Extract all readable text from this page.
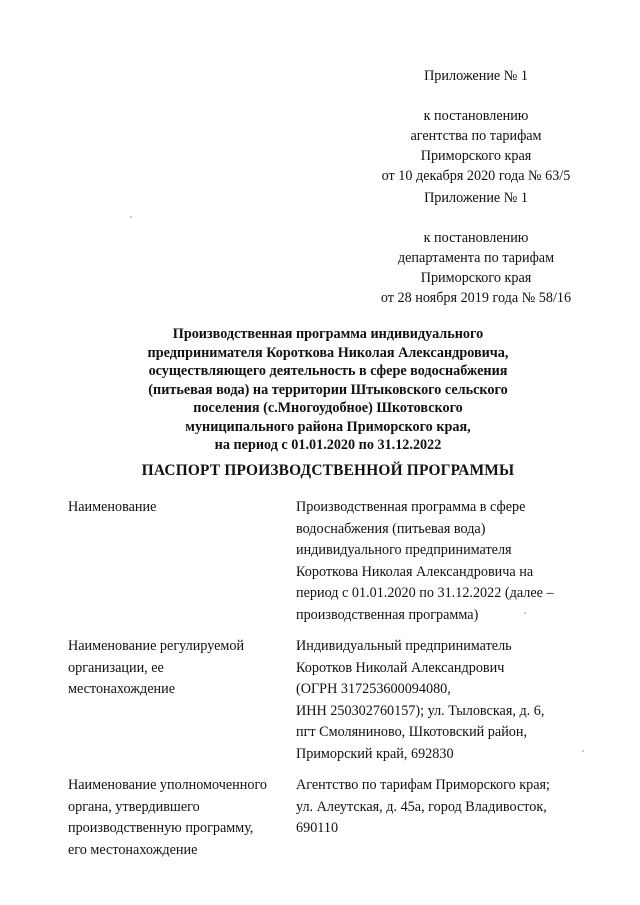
Приложение № 1

к постановлению
агентства по тарифам
Приморского края
от 10 декабря 2020 года № 63/5

Приложение № 1

к постановлению
департамента по тарифам
Приморского края
от 28 ноября 2019 года № 58/16

Производственная программа индивидуального
предпринимателя Короткова Николая Александровича,
осуществляющего деятельность в сфере водоснабжения
(питьевая вода) на территории Штыковского сельского
поселения (с.Многоудобное) Шкотовского
муниципального района Приморского края,
на период с 01.01.2020 по 31.12.2022
ПАСПОРТ ПРОИЗВОДСТВЕННОЙ ПРОГРАММЫ
Наименование	Производственная программа в сфере
водоснабжения (питьевая вода)
индивидуального предпринимателя
Короткова Николая Александровича на
период с 01.01.2020 по 31.12.2022 (далее –
производственная программа)
Наименование регулируемой
организации, ее
местонахождение
Индивидуальный предприниматель
Коротков Николай Александрович
(ОГРН 317253600094080,
ИНН 250302760157); ул. Тыловская, д. 6,
пгт Смоляниново, Шкотовский район,
Приморский край, 692830
Наименование уполномоченного
органа, утвердившего
производственную программу,
его местонахождение
Агентство по тарифам Приморского края;
ул. Алеутская, д. 45а, город Владивосток,
690110
